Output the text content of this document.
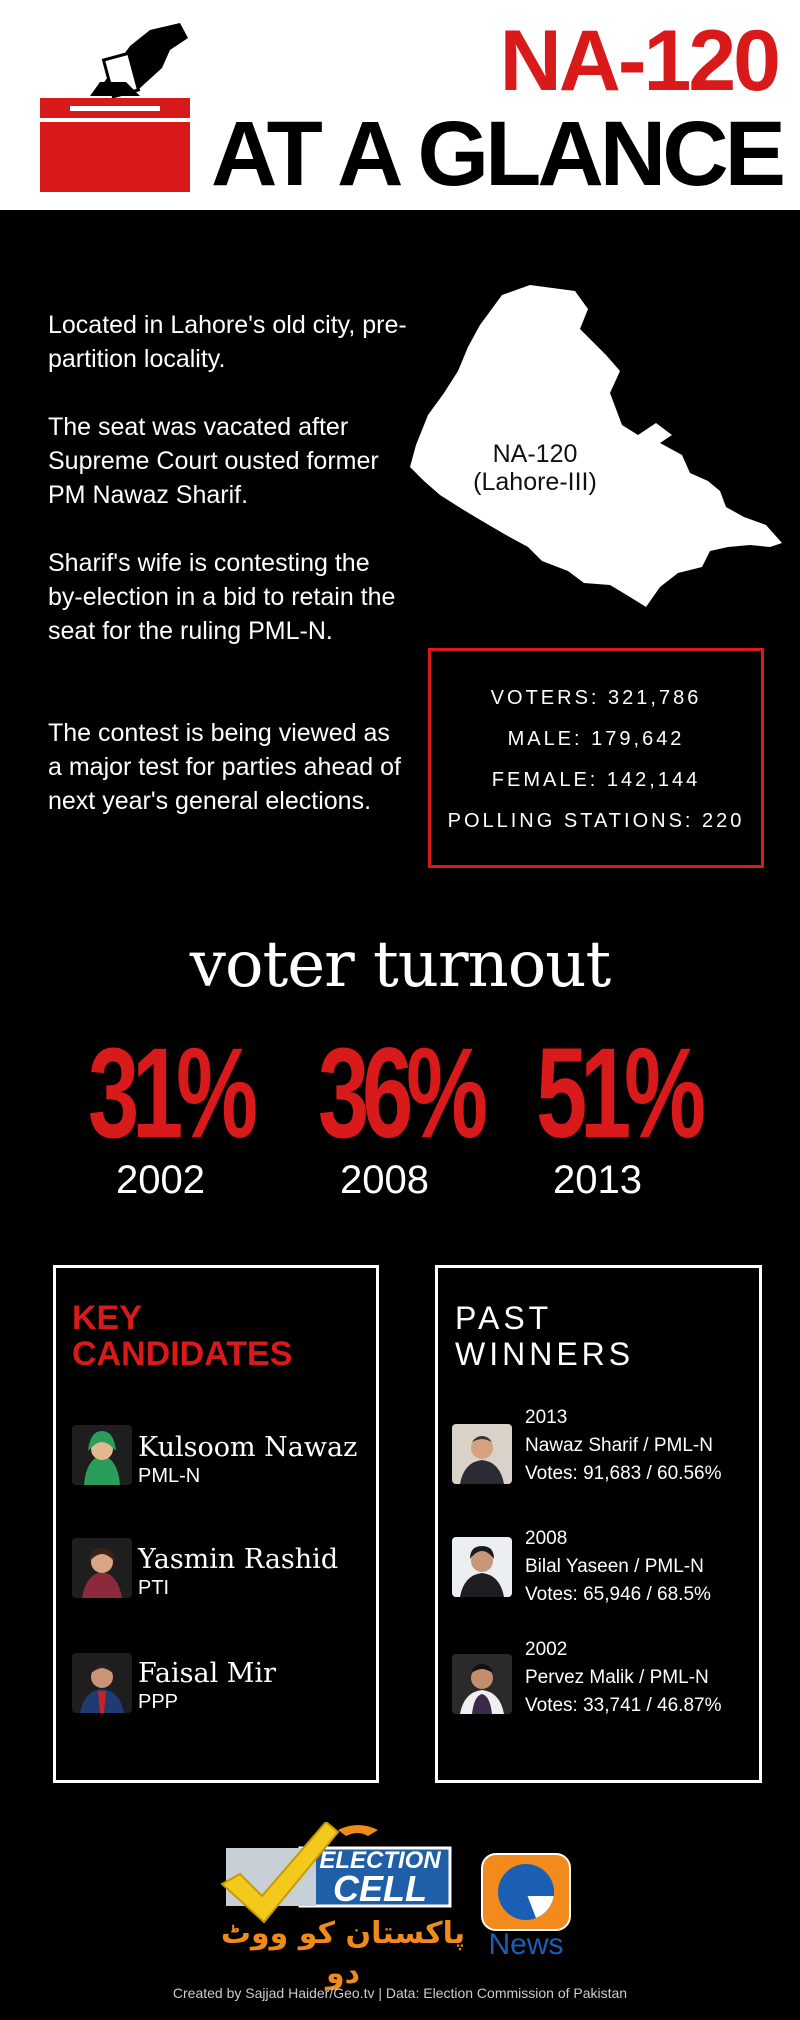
NA-120
AT A GLANCE
Located in Lahore's old city, pre-partition locality.
The seat was vacated after Supreme Court ousted former PM Nawaz Sharif.
Sharif's wife is contesting the by-election in a bid to retain the seat for the ruling PML-N.
The contest is being viewed as a major test for parties ahead of next year's general elections.
NA-120
(Lahore-III)
VOTERS: 321,786
MALE: 179,642
FEMALE: 142,144
POLLING STATIONS: 220
voter turnout
31%
2002
36%
2008
51%
2013
KEY
CANDIDATES
Kulsoom Nawaz
PML-N
Yasmin Rashid
PTI
Faisal Mir
PPP
PAST
WINNERS
2013
Nawaz Sharif / PML-N
Votes: 91,683 / 60.56%
2008
Bilal Yaseen / PML-N
Votes: 65,946 / 68.5%
2002
Pervez Malik / PML-N
Votes: 33,741 / 46.87%
ELECTION
CELL
پاکستان کو ووٹ دو
News
Created by Sajjad Haider/Geo.tv | Data: Election Commission of Pakistan
